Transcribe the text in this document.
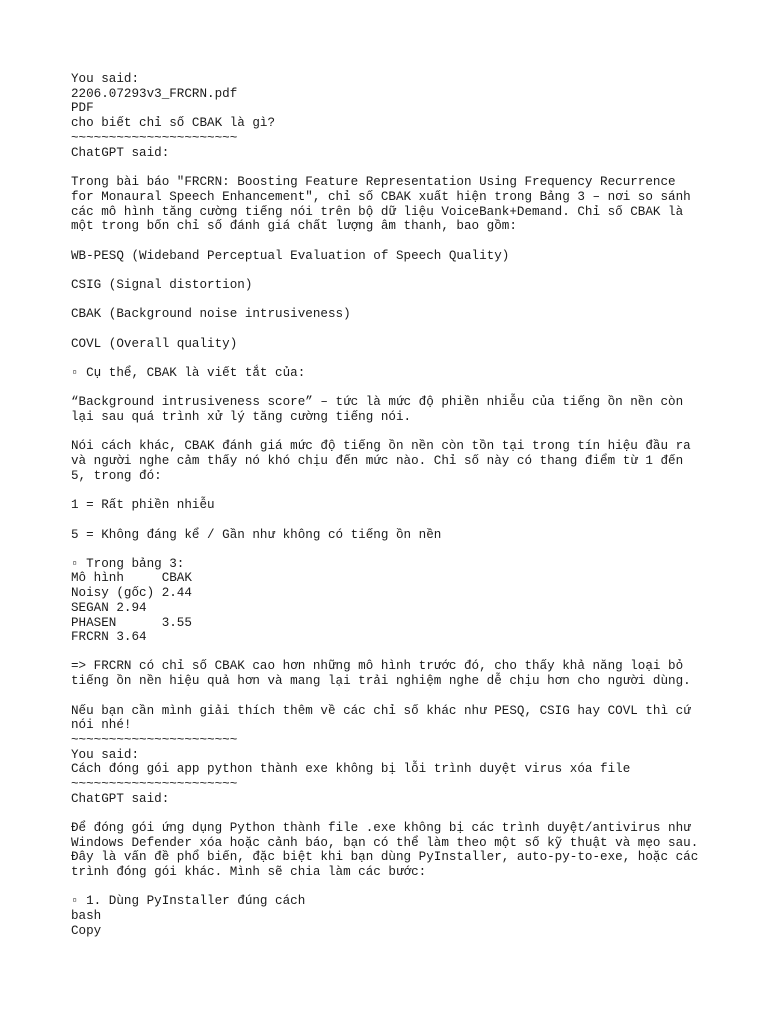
You said:
2206.07293v3_FRCRN.pdf
PDF
cho biết chỉ số CBAK là gì?
~~~~~~~~~~~~~~~~~~~~~~
ChatGPT said:
Trong bài báo "FRCRN: Boosting Feature Representation Using Frequency Recurrence
for Monaural Speech Enhancement", chỉ số CBAK xuất hiện trong Bảng 3 – nơi so sánh
các mô hình tăng cường tiếng nói trên bộ dữ liệu VoiceBank+Demand. Chỉ số CBAK là
một trong bốn chỉ số đánh giá chất lượng âm thanh, bao gồm:
WB-PESQ (Wideband Perceptual Evaluation of Speech Quality)
CSIG (Signal distortion)
CBAK (Background noise intrusiveness)
COVL (Overall quality)
▫ Cụ thể, CBAK là viết tắt của:
“Background intrusiveness score” – tức là mức độ phiền nhiễu của tiếng ồn nền còn
lại sau quá trình xử lý tăng cường tiếng nói.
Nói cách khác, CBAK đánh giá mức độ tiếng ồn nền còn tồn tại trong tín hiệu đầu ra
và người nghe cảm thấy nó khó chịu đến mức nào. Chỉ số này có thang điểm từ 1 đến
5, trong đó:
1 = Rất phiền nhiễu
5 = Không đáng kể / Gần như không có tiếng ồn nền
▫ Trong bảng 3:
Mô hình     CBAK
Noisy (gốc) 2.44
SEGAN 2.94
PHASEN      3.55
FRCRN 3.64
=> FRCRN có chỉ số CBAK cao hơn những mô hình trước đó, cho thấy khả năng loại bỏ
tiếng ồn nền hiệu quả hơn và mang lại trải nghiệm nghe dễ chịu hơn cho người dùng.
Nếu bạn cần mình giải thích thêm về các chỉ số khác như PESQ, CSIG hay COVL thì cứ
nói nhé!
~~~~~~~~~~~~~~~~~~~~~~
You said:
Cách đóng gói app python thành exe không bị lỗi trình duyệt virus xóa file
~~~~~~~~~~~~~~~~~~~~~~
ChatGPT said:
Để đóng gói ứng dụng Python thành file .exe không bị các trình duyệt/antivirus như
Windows Defender xóa hoặc cảnh báo, bạn có thể làm theo một số kỹ thuật và mẹo sau.
Đây là vấn đề phổ biến, đặc biệt khi bạn dùng PyInstaller, auto-py-to-exe, hoặc các
trình đóng gói khác. Mình sẽ chia làm các bước:
▫ 1. Dùng PyInstaller đúng cách
bash
Copy
